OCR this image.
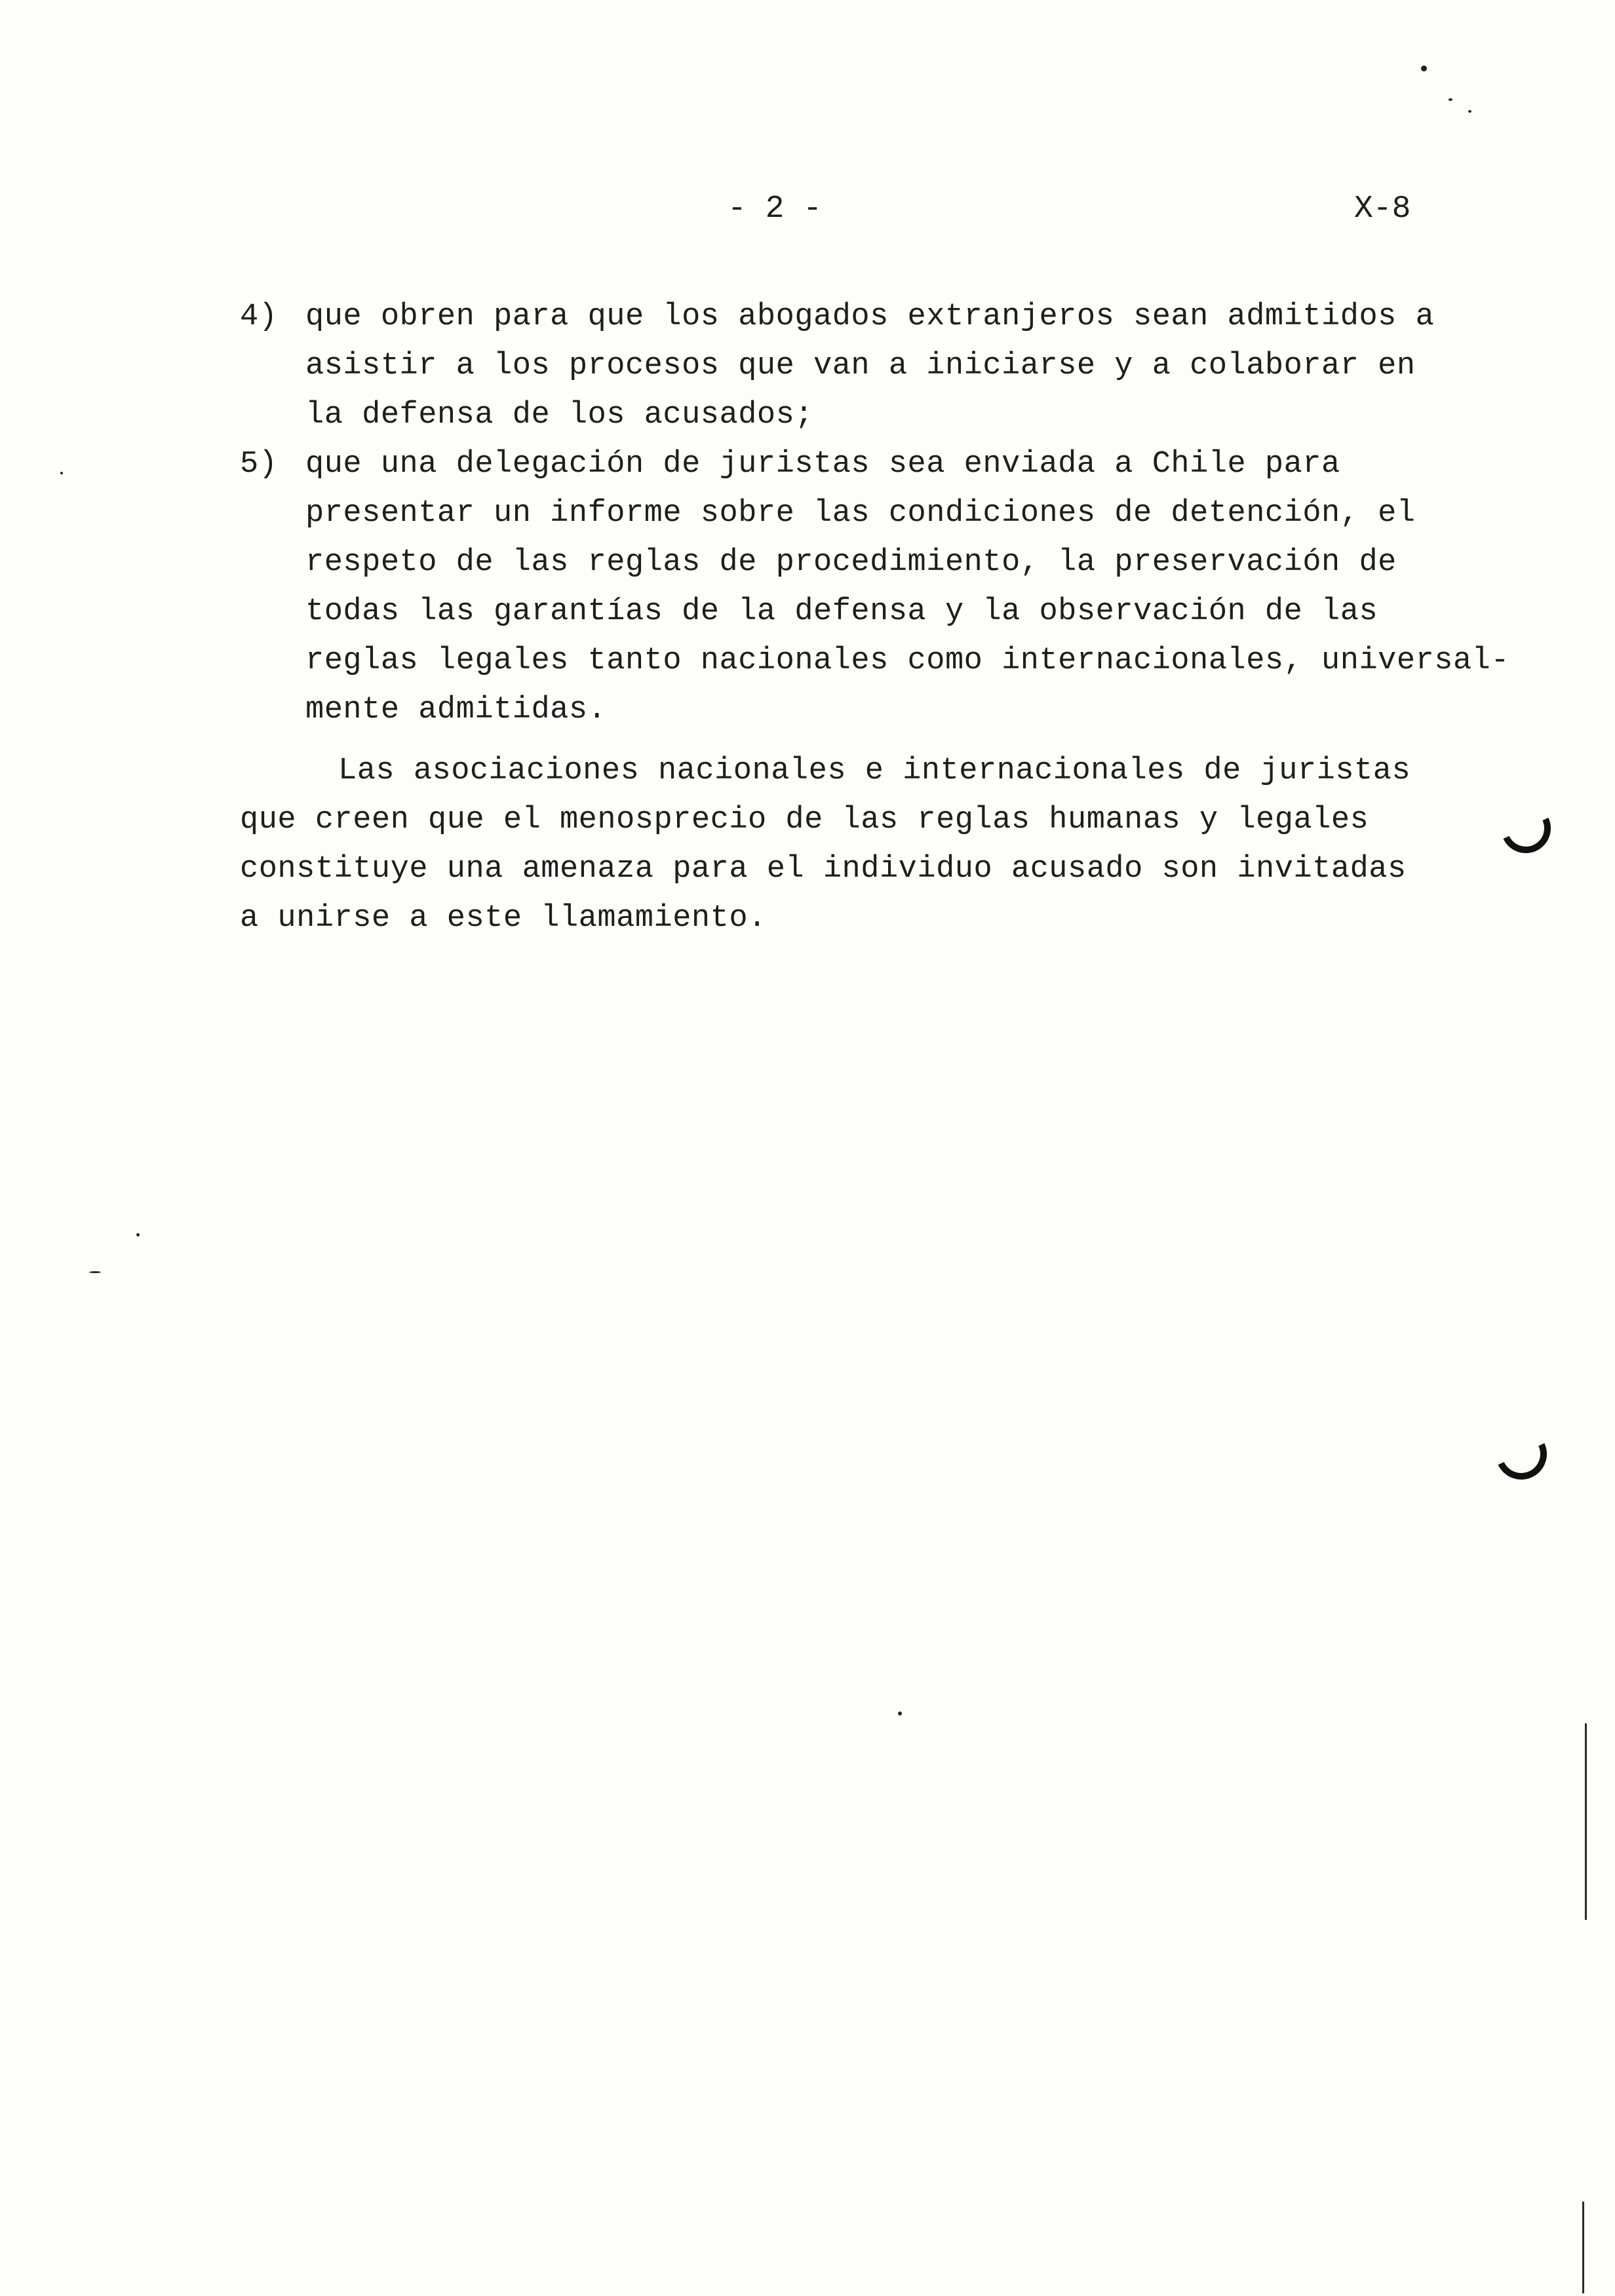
- 2 -	X-8
4) que obren para que los abogados extranjeros sean admitidos a
asistir a los procesos que van a iniciarse y a colaborar en
la defensa de los acusados;
5) que una delegación de juristas sea enviada a Chile para
presentar un informe sobre las condiciones de detención, el
respeto de las reglas de procedimiento, la preservación de
todas las garantías de la defensa y la observación de las
reglas legales tanto nacionales como internacionales, universal-
mente admitidas.
Las asociaciones nacionales e internacionales de juristas
que creen que el menosprecio de las reglas humanas y legales
constituye una amenaza para el individuo acusado son invitadas
a unirse a este llamamiento.
